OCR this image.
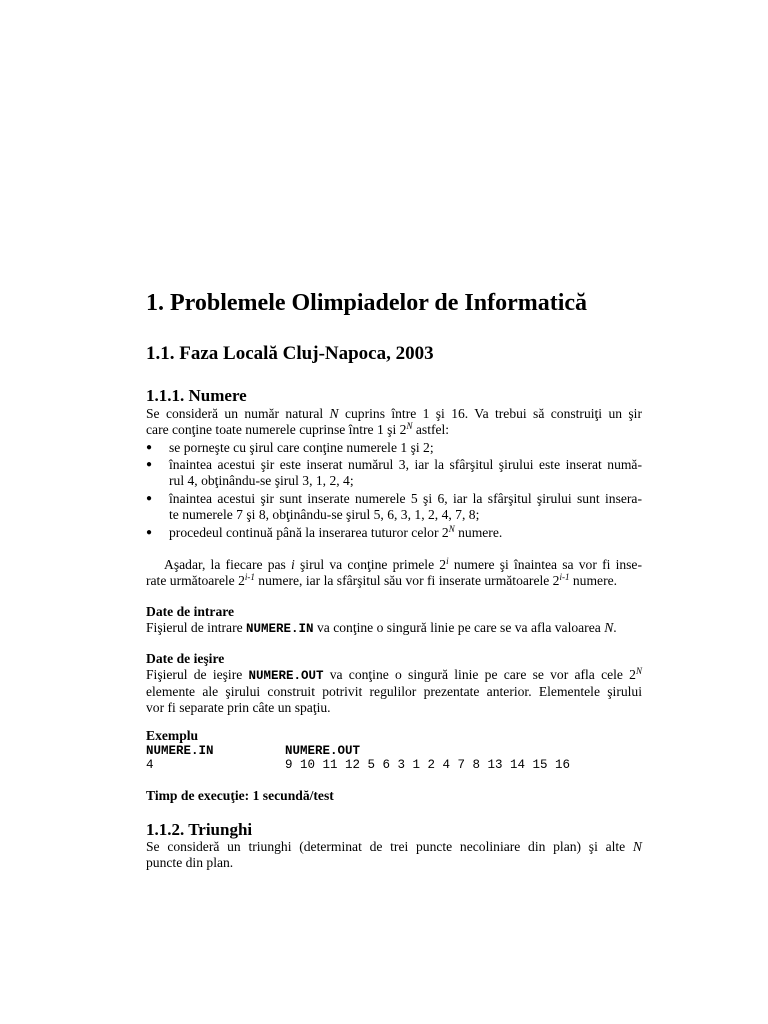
1. Problemele Olimpiadelor de Informatică
1.1. Faza Locală Cluj-Napoca, 2003
1.1.1. Numere
Se consideră un număr natural N cuprins între 1 şi 16. Va trebui să construiţi un şir
care conţine toate numerele cuprinse între 1 şi $2^N$ astfel:
● se porneşte cu şirul care conţine numerele 1 şi 2;
● înaintea acestui şir este inserat numărul 3, iar la sfârşitul şirului este inserat numă-
rul 4, obţinându-se şirul 3, 1, 2, 4;
● înaintea acestui şir sunt inserate numerele 5 şi 6, iar la sfârşitul şirului sunt insera-
te numerele 7 şi 8, obţinându-se şirul 5, 6, 3, 1, 2, 4, 7, 8;
● procedeul continuă până la inserarea tuturor celor $2^N$ numere.
Aşadar, la fiecare pas i şirul va conţine primele 2$^i$ numere şi înaintea sa vor fi inse-
rate următoarele 2$^{i-1}$ numere, iar la sfârşitul său vor fi inserate următoarele 2$^{i-1}$ numere.
Date de intrare
Fişierul de intrare NUMERE.IN va conţine o singură linie pe care se va afla valoarea N.
Date de ieşire
Fişierul de ieşire NUMERE.OUT va conţine o singură linie pe care se vor afla cele $2^N$
elemente ale şirului construit potrivit regulilor prezentate anterior. Elementele şirului
vor fi separate prin câte un spaţiu.
Exemplu
NUMERE.IN	NUMERE.OUT
4	9 10 11 12 5 6 3 1 2 4 7 8 13 14 15 16
Timp de execuţie: 1 secundă/test
1.1.2. Triunghi
Se consideră un triunghi (determinat de trei puncte necoliniare din plan) şi alte N
puncte din plan.
